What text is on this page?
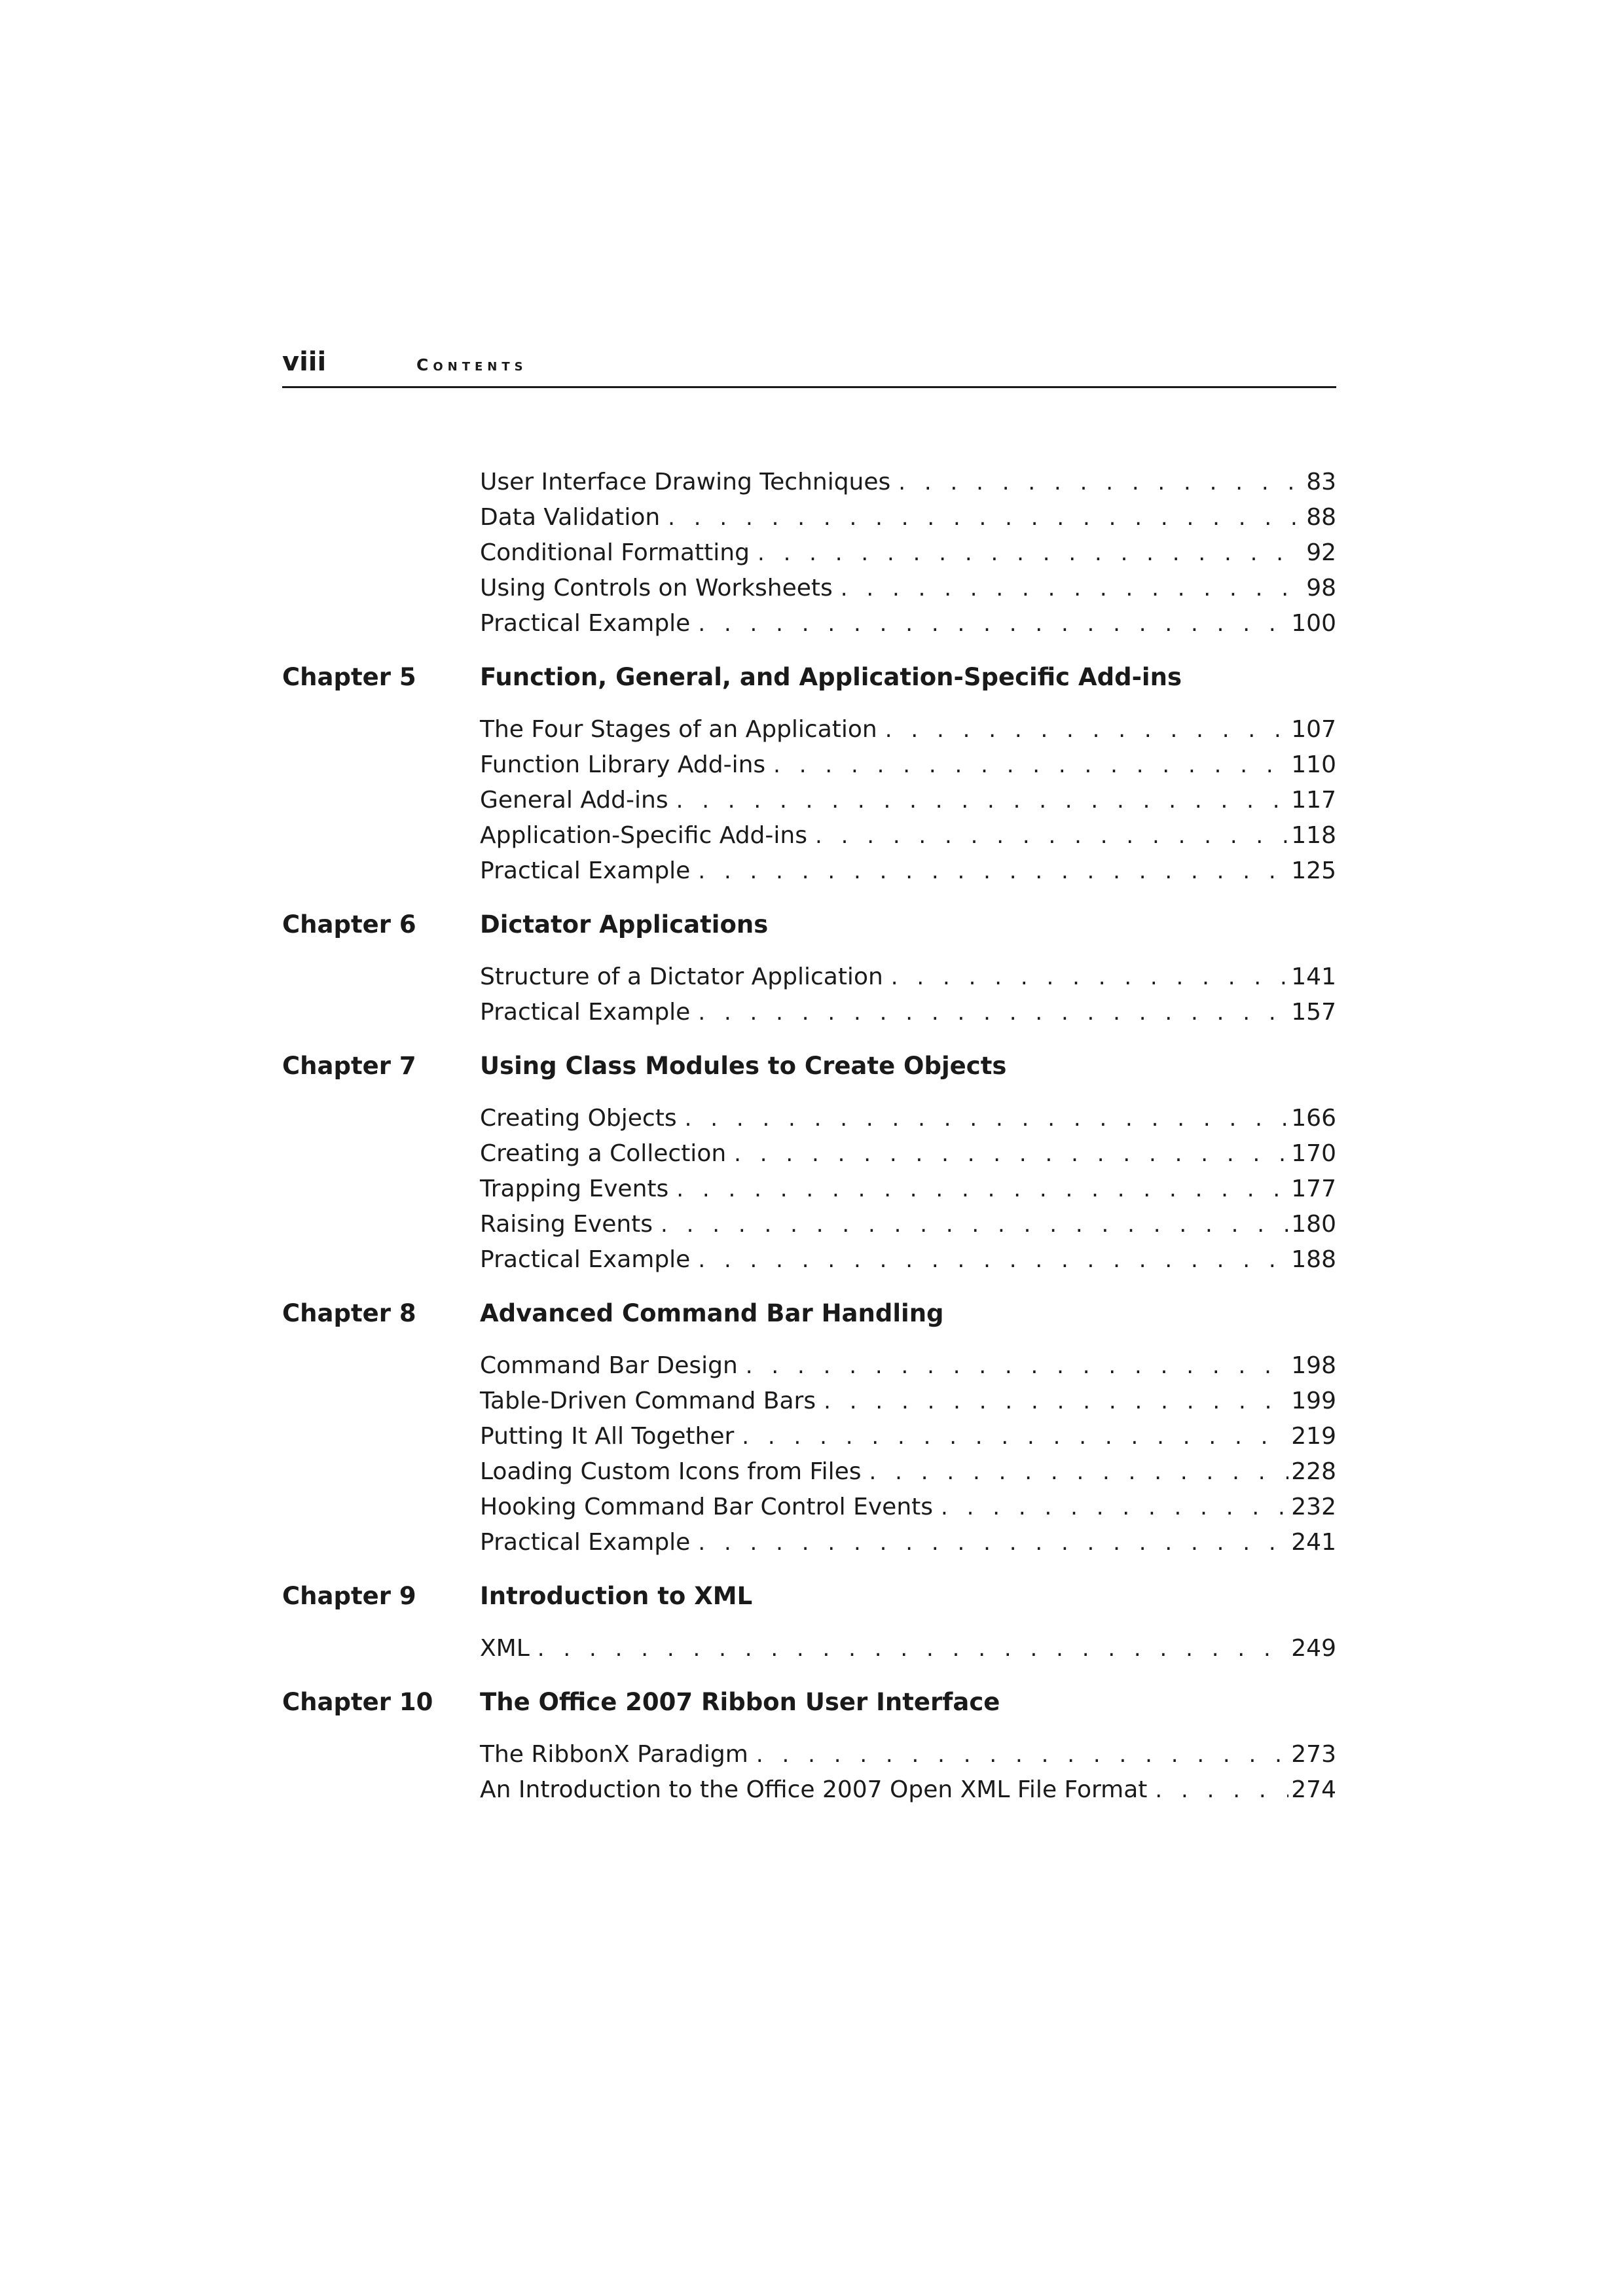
viii	Contents
User Interface Drawing Techniques . . .	83
Data Validation . . .	88
Conditional Formatting . . .	92
Using Controls on Worksheets . . .	98
Practical Example . . .	100
Chapter 5	Function, General, and Application-Specific Add-ins
The Four Stages of an Application . . .	107
Function Library Add-ins . . .	110
General Add-ins . . .	117
Application-Specific Add-ins . . .	118
Practical Example . . .	125
Chapter 6	Dictator Applications
Structure of a Dictator Application . . .	141
Practical Example . . .	157
Chapter 7	Using Class Modules to Create Objects
Creating Objects . . .	166
Creating a Collection . . .	170
Trapping Events . . .	177
Raising Events . . .	180
Practical Example . . .	188
Chapter 8	Advanced Command Bar Handling
Command Bar Design . . .	198
Table-Driven Command Bars . . .	199
Putting It All Together . . .	219
Loading Custom Icons from Files . . .	228
Hooking Command Bar Control Events . . .	232
Practical Example . . .	241
Chapter 9	Introduction to XML
XML . . .	249
Chapter 10	The Office 2007 Ribbon User Interface
The RibbonX Paradigm . . .	273
An Introduction to the Office 2007 Open XML File Format . . .	274
